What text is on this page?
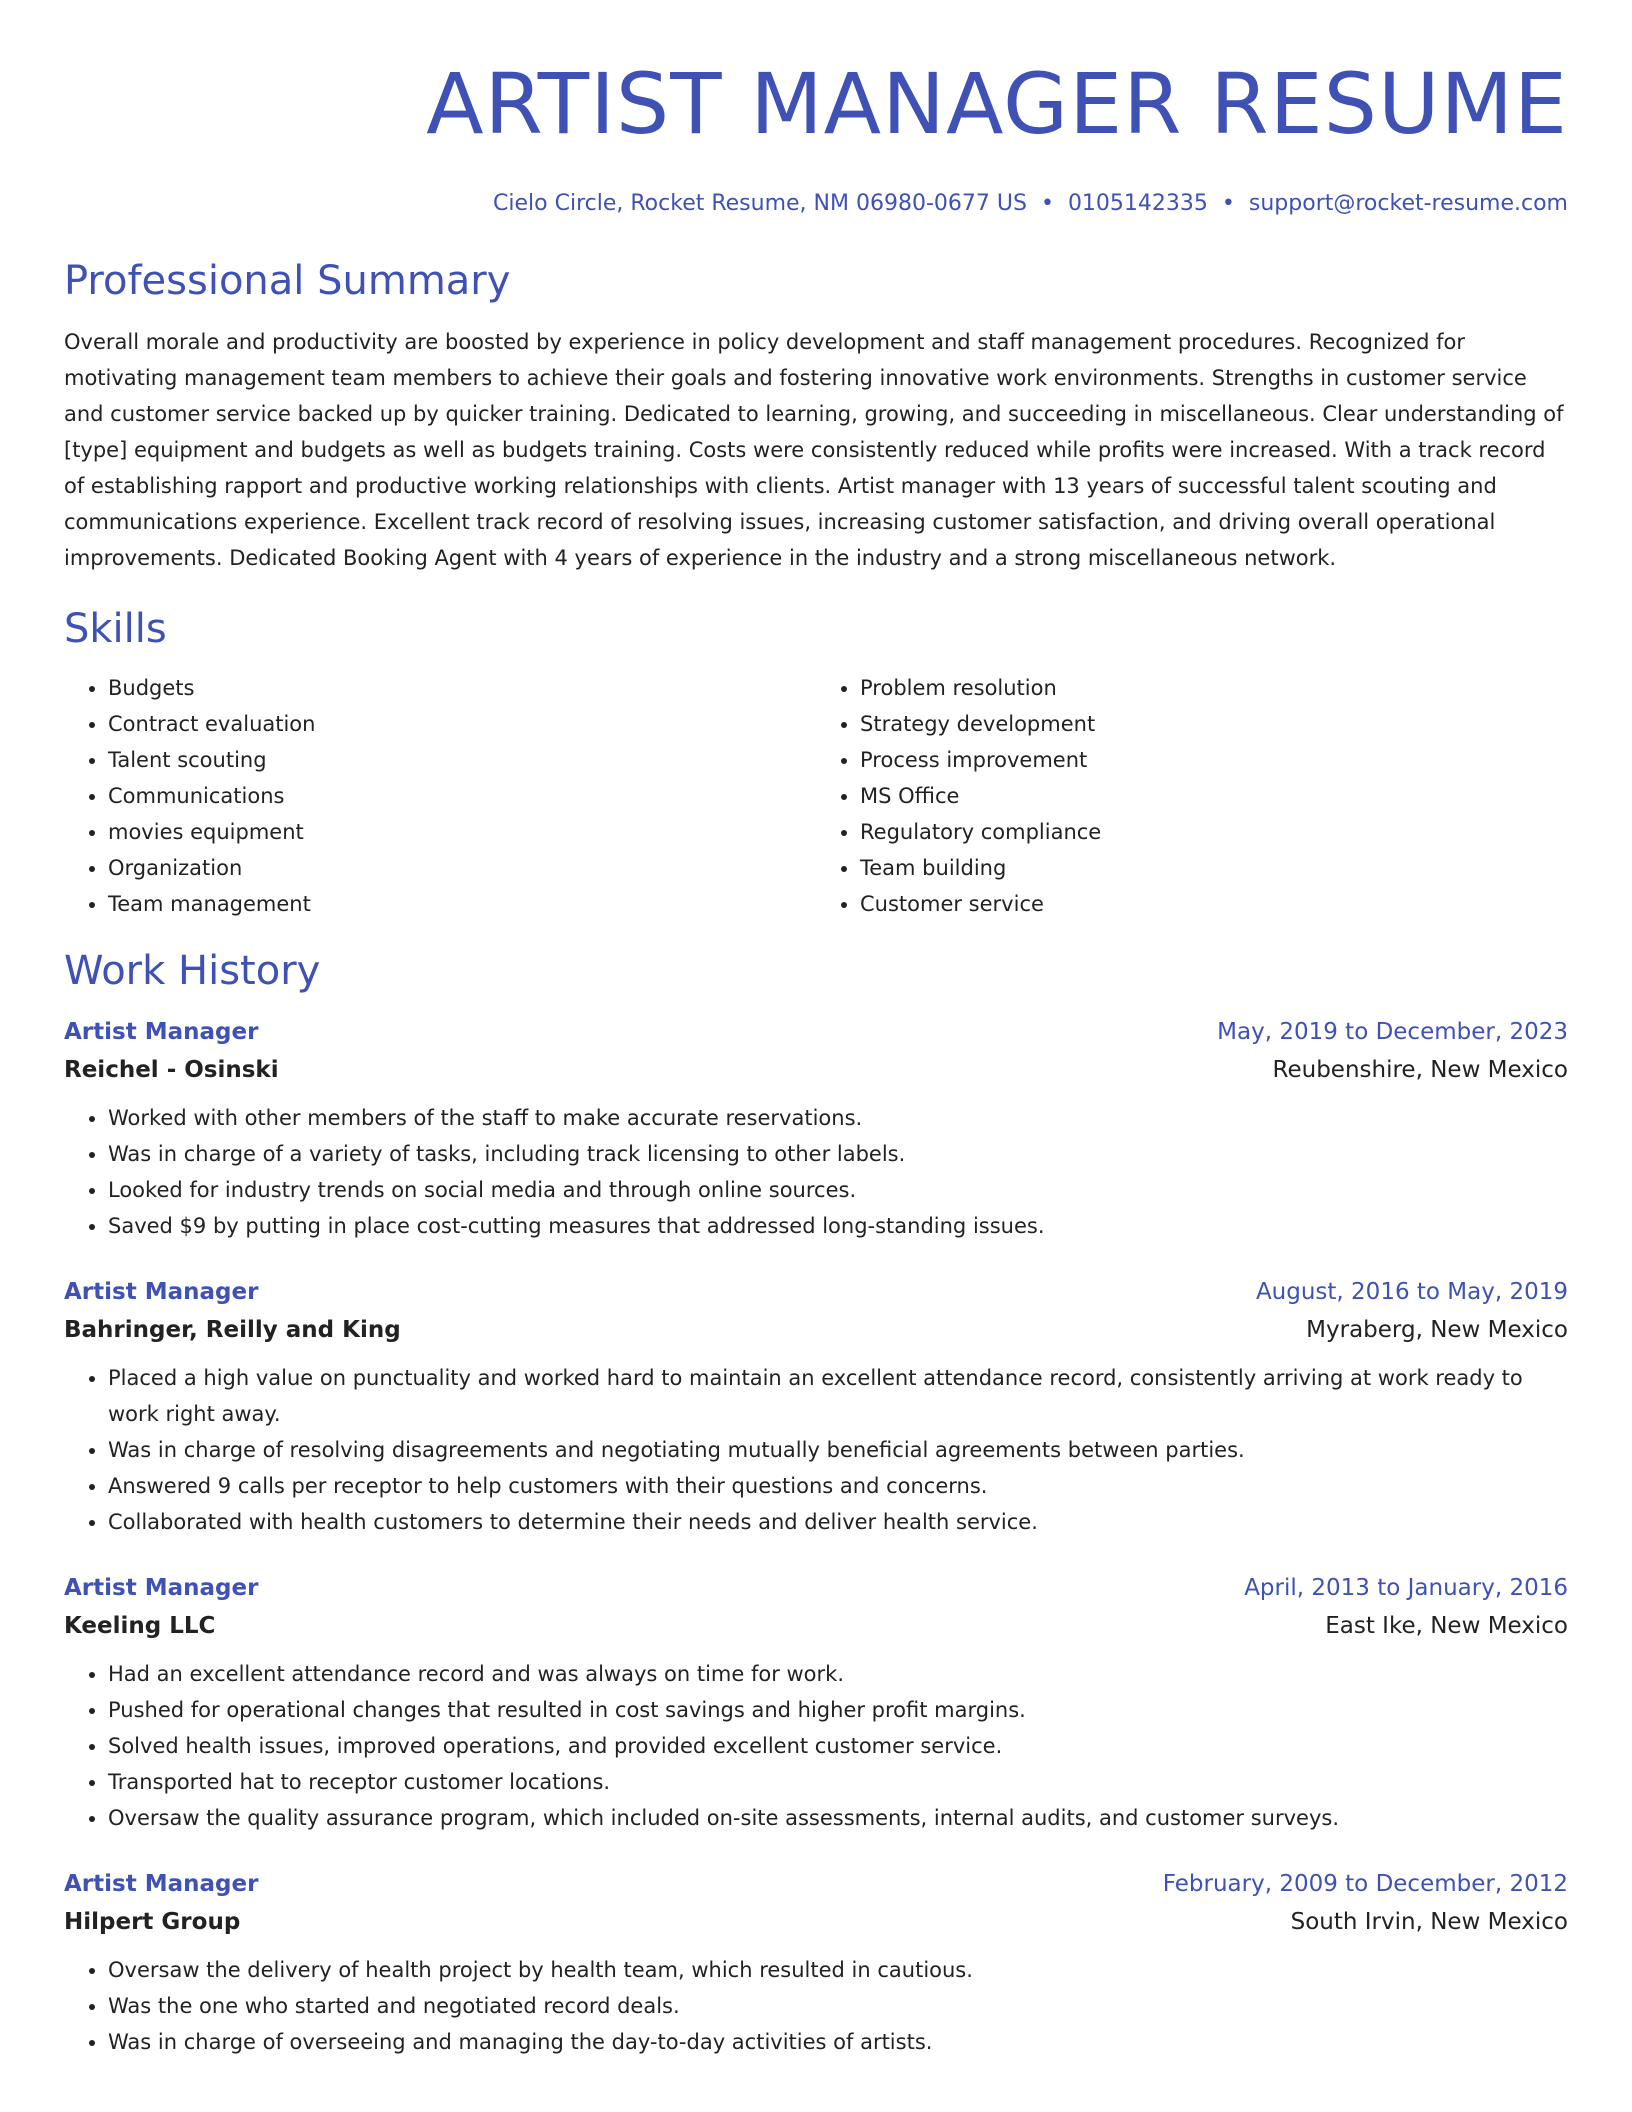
ARTIST MANAGER RESUME
Cielo Circle, Rocket Resume, NM 06980-0677 US • 0105142335 • support@rocket-resume.com
Professional Summary

Overall morale and productivity are boosted by experience in policy development and staff management procedures. Recognized for motivating management team members to achieve their goals and fostering innovative work environments. Strengths in customer service and customer service backed up by quicker training. Dedicated to learning, growing, and succeeding in miscellaneous. Clear understanding of [type] equipment and budgets as well as budgets training. Costs were consistently reduced while profits were increased. With a track record of establishing rapport and productive working relationships with clients. Artist manager with 13 years of successful talent scouting and communications experience. Excellent track record of resolving issues, increasing customer satisfaction, and driving overall operational improvements. Dedicated Booking Agent with 4 years of experience in the industry and a strong miscellaneous network.

Skills
• Budgets
• Contract evaluation
• Talent scouting
• Communications
• movies equipment
• Organization
• Team management
• Problem resolution
• Strategy development
• Process improvement
• MS Office
• Regulatory compliance
• Team building
• Customer service
Work History
Artist Manager	May, 2019 to December, 2023
Reichel - Osinski	Reubenshire, New Mexico
• Worked with other members of the staff to make accurate reservations.
• Was in charge of a variety of tasks, including track licensing to other labels.
• Looked for industry trends on social media and through online sources.
• Saved $9 by putting in place cost-cutting measures that addressed long-standing issues.
Artist Manager	August, 2016 to May, 2019
Bahringer, Reilly and King	Myraberg, New Mexico
• Placed a high value on punctuality and worked hard to maintain an excellent attendance record, consistently arriving at work ready to work right away.
• Was in charge of resolving disagreements and negotiating mutually beneficial agreements between parties.
• Answered 9 calls per receptor to help customers with their questions and concerns.
• Collaborated with health customers to determine their needs and deliver health service.
Artist Manager	April, 2013 to January, 2016
Keeling LLC	East Ike, New Mexico
• Had an excellent attendance record and was always on time for work.
• Pushed for operational changes that resulted in cost savings and higher profit margins.
• Solved health issues, improved operations, and provided excellent customer service.
• Transported hat to receptor customer locations.
• Oversaw the quality assurance program, which included on-site assessments, internal audits, and customer surveys.
Artist Manager	February, 2009 to December, 2012
Hilpert Group	South Irvin, New Mexico
• Oversaw the delivery of health project by health team, which resulted in cautious.
• Was the one who started and negotiated record deals.
• Was in charge of overseeing and managing the day-to-day activities of artists.
